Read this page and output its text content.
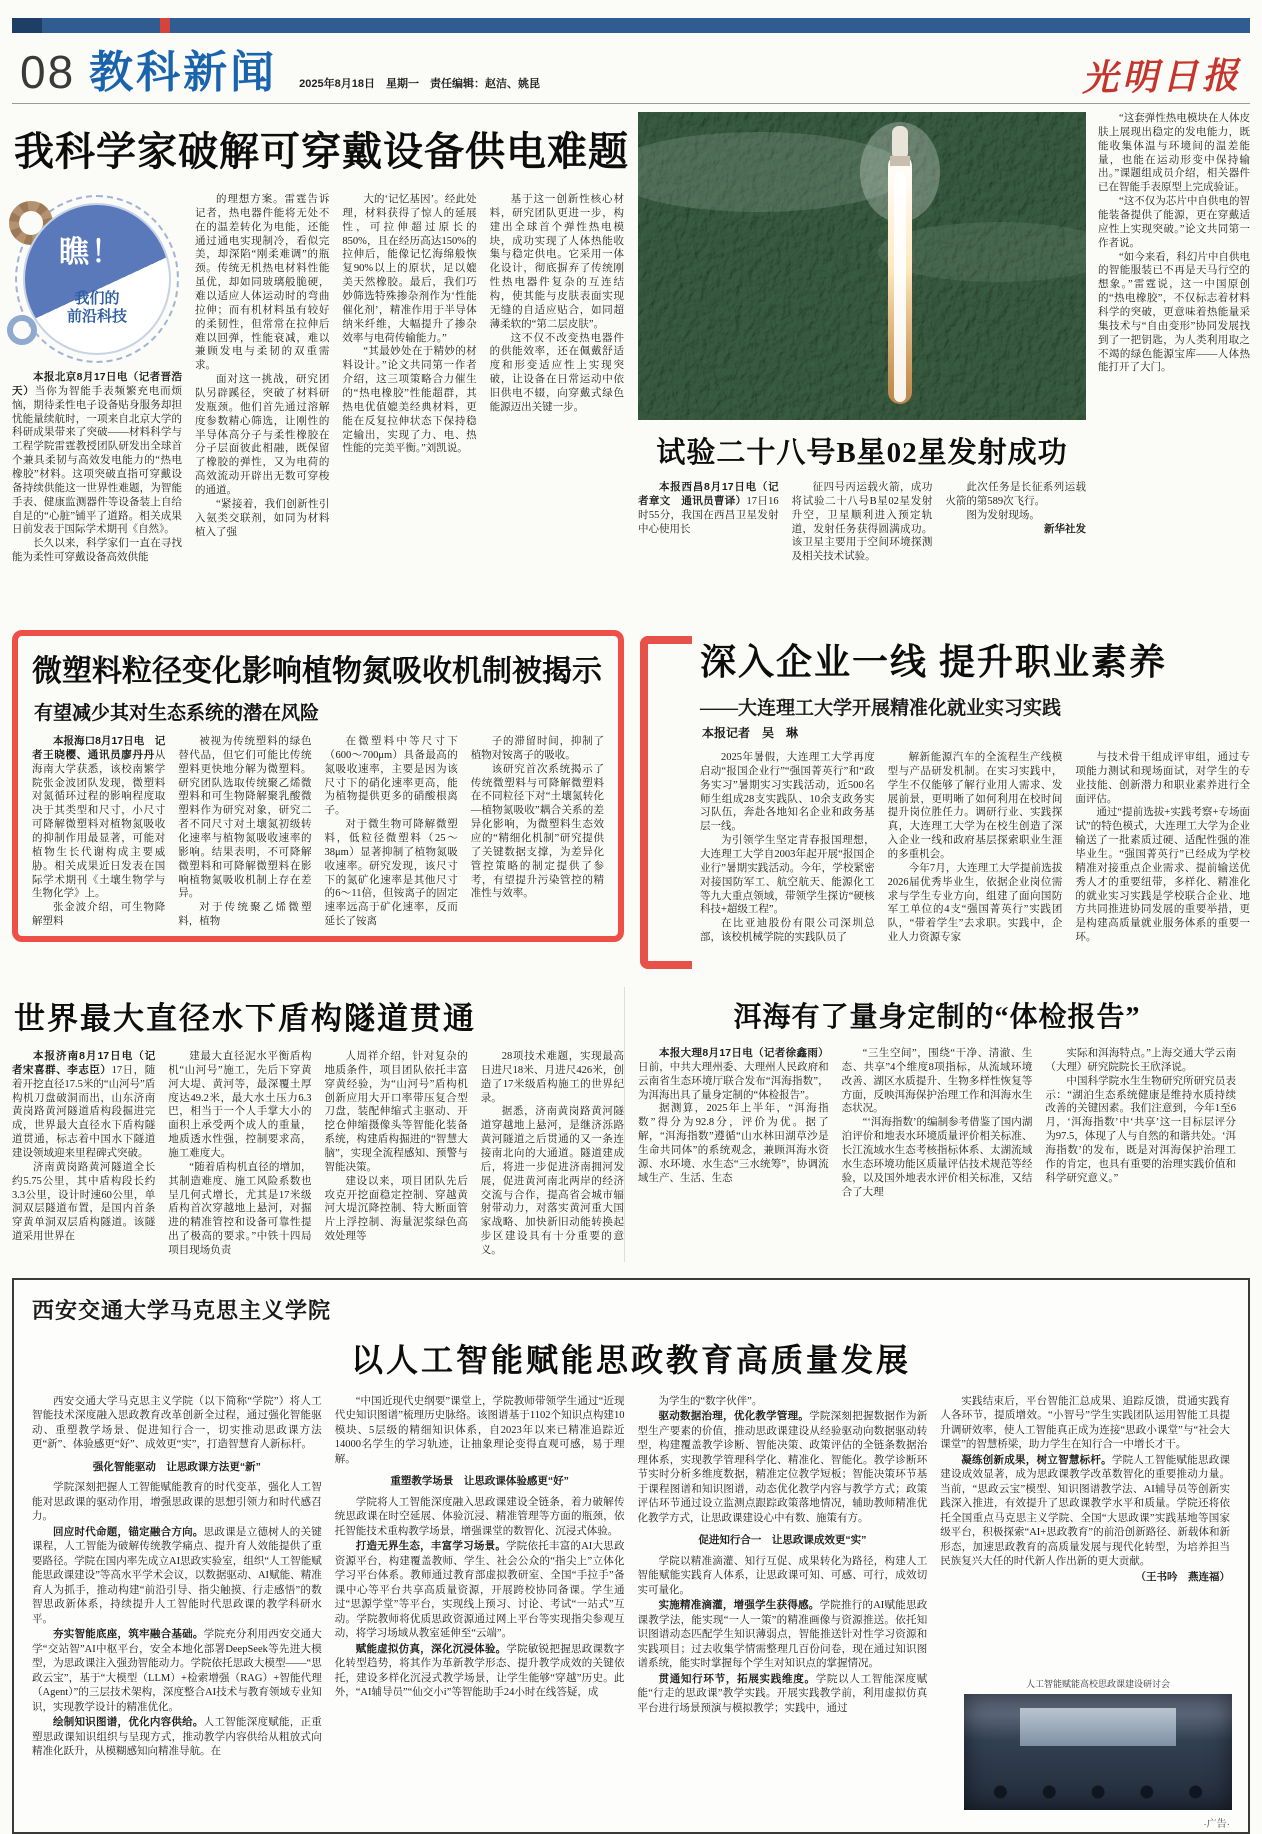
08 教科新闻 2025年8月18日　星期一　责任编辑：赵洁、姚昆	光明日报
我科学家破解可穿戴设备供电难题
瞧！
我们的
前沿科技

本报北京8月17日电（记者晋浩天）当你为智能手表频繁充电而烦恼，期待柔性电子设备贴身服务却担忧能量续航时，一项来自北京大学的科研成果带来了突破——材料科学与工程学院雷霆教授团队研发出全球首个兼具柔韧与高效发电能力的“热电橡胶”材料。这项突破直指可穿戴设备持续供能这一世界性难题，为智能手表、健康监测器件等设备装上自给自足的“心脏”铺平了道路。相关成果日前发表于国际学术期刊《自然》。

长久以来，科学家们一直在寻找能为柔性可穿戴设备高效供能

的理想方案。雷霆告诉记者，热电器件能将无处不在的温差转化为电能，还能通过通电实现制冷，看似完美，却深陷“刚柔难调”的瓶颈。传统无机热电材料性能虽优，却如同玻璃般脆硬，难以适应人体运动时的弯曲拉伸；而有机材料虽有较好的柔韧性，但常常在拉伸后难以回弹，性能衰减，难以兼顾发电与柔韧的双重需求。

面对这一挑战，研究团队另辟蹊径，突破了材料研发瓶颈。他们首先通过溶解度参数精心筛选，让刚性的半导体高分子与柔性橡胶在分子层面彼此相融，既保留了橡胶的弹性，又为电荷的高效流动开辟出无数可穿梭的通道。

“紧接着，我们创新性引入氨类交联剂，如同为材料植入了强

大的‘记忆基因’。经此处理，材料获得了惊人的延展性，可拉伸超过原长的850%，且在经历高达150%的拉伸后，能像记忆海绵般恢复90%以上的原状，足以媲美天然橡胶。最后，我们巧妙筛选特殊掺杂剂作为‘性能催化剂’，精准作用于半导体纳米纤维，大幅提升了掺杂效率与电荷传输能力。”

“其最妙处在于精妙的材料设计。”论文共同第一作者介绍，这三项策略合力催生的“热电橡胶”性能超群，其热电优值媲美经典材料，更能在反复拉伸状态下保持稳定输出，实现了力、电、热性能的完美平衡。”刘凯说。

基于这一创新性核心材料，研究团队更进一步，构建出全球首个弹性热电模块，成功实现了人体热能收集与稳定供电。它采用一体化设计，彻底摒弃了传统刚性热电器件复杂的互连结构，使其能与皮肤表面实现无缝的自适应贴合，如同超薄柔软的“第二层皮肤”。

这不仅不改变热电器件的供能效率，还在佩戴舒适度和形变适应性上实现突破，让设备在日常运动中依旧供电不辍，向穿戴式绿色能源迈出关键一步。

试验二十八号B星02星发射成功

本报西昌8月17日电（记者章文　通讯员曹译）17日16时55分，我国在西昌卫星发射中心使用长

征四号丙运载火箭，成功将试验二十八号B星02星发射升空，卫星顺利进入预定轨道，发射任务获得圆满成功。该卫星主要用于空间环境探测及相关技术试验。

此次任务是长征系列运载火箭的第589次飞行。

图为发射现场。

新华社发

“这套弹性热电模块在人体皮肤上展现出稳定的发电能力，既能收集体温与环境间的温差能量，也能在运动形变中保持输出。”课题组成员介绍，相关器件已在智能手表原型上完成验证。

“这不仅为芯片中自供电的智能装备提供了能源，更在穿戴适应性上实现突破。”论文共同第一作者说。

“如今来看，科幻片中自供电的智能服装已不再是天马行空的想象。”雷霆说，这一中国原创的“热电橡胶”，不仅标志着材料科学的突破，更意味着热能量采集技术与“自由变形”协同发展找到了一把钥匙，为人类利用取之不竭的绿色能源宝库——人体热能打开了大门。

微塑料粒径变化影响植物氮吸收机制被揭示
有望减少其对生态系统的潜在风险

本报海口8月17日电　记者王晓樱、通讯员廖丹丹从海南大学获悉，该校南繁学院张金波团队发现，微塑料对氮循环过程的影响程度取决于其类型和尺寸，小尺寸可降解微塑料对植物氮吸收的抑制作用最显著，可能对植物生长代谢构成主要威胁。相关成果近日发表在国际学术期刊《土壤生物学与生物化学》上。

张金波介绍，可生物降解塑料

被视为传统塑料的绿色替代品，但它们可能比传统塑料更快地分解为微塑料。研究团队选取传统聚乙烯微塑料和可生物降解聚乳酸微塑料作为研究对象，研究二者不同尺寸对土壤氮初级转化速率与植物氮吸收速率的影响。结果表明，不可降解微塑料和可降解微塑料在影响植物氮吸收机制上存在差异。

对于传统聚乙烯微塑料，植物

在微塑料中等尺寸下（600～700μm）具备最高的氮吸收速率，主要是因为该尺寸下的硝化速率更高，能为植物提供更多的硝酸根离子。

对于微生物可降解微塑料，低粒径微塑料（25～38μm）显著抑制了植物氮吸收速率。研究发现，该尺寸下的氮矿化速率是其他尺寸的6～11倍，但铵离子的固定速率远高于矿化速率，反而延长了铵离

子的滞留时间，抑制了植物对铵离子的吸收。

该研究首次系统揭示了传统微塑料与可降解微塑料在不同粒径下对“土壤氮转化—植物氮吸收”耦合关系的差异化影响，为微塑料生态效应的“精细化机制”研究提供了关键数据支撑，为差异化管控策略的制定提供了参考，有望提升污染管控的精准性与效率。

深入企业一线 提升职业素养
——大连理工大学开展精准化就业实习实践
本报记者　吴　琳

2025年暑假，大连理工大学再度启动“报国企业行”“强国菁英行”和“政务实习”暑期实习实践活动，近500名师生组成28支实践队、10余支政务实习队伍，奔赴各地知名企业和政务基层一线。

为引领学生坚定青春报国理想，大连理工大学自2003年起开展“报国企业行”暑期实践活动。今年，学校紧密对接国防军工、航空航天、能源化工等九大重点领域，带领学生探访“硬核科技+超级工程”。

在比亚迪股份有限公司深圳总部，该校机械学院的实践队员了

解新能源汽车的全流程生产线模型与产品研发机制。在实习实践中，学生不仅能够了解行业用人需求、发展前景，更明晰了如何利用在校时间提升岗位胜任力。调研行业、实践探真，大连理工大学为在校生创造了深入企业一线和政府基层探索职业生涯的多重机会。

今年7月，大连理工大学提前选拔2026届优秀毕业生，依据企业岗位需求与学生专业方向，组建了面向国防军工单位的4支“强国菁英行”实践团队，“带着学生”去求职。实践中，企业人力资源专家

与技术骨干组成评审组，通过专项能力测试和现场面试，对学生的专业技能、创新潜力和职业素养进行全面评估。

通过“提前选拔+实践考察+专场面试”的特色模式，大连理工大学为企业输送了一批素质过硬、适配性强的准毕业生。“强国菁英行”已经成为学校精准对接重点企业需求、提前输送优秀人才的重要纽带，多样化、精准化的就业实习实践是学校联合企业、地方共同推进协同发展的重要举措，更是构建高质量就业服务体系的重要一环。

世界最大直径水下盾构隧道贯通

本报济南8月17日电（记者宋喜群、李志臣）17日，随着开挖直径17.5米的“山河号”盾构机刀盘破洞而出，山东济南黄岗路黄河隧道盾构段掘进完成，世界最大直径水下盾构隧道贯通，标志着中国水下隧道建设领域迎来里程碑式突破。

济南黄岗路黄河隧道全长约5.75公里，其中盾构段长约3.3公里，设计时速60公里，单洞双层隧道布置，是国内首条穿黄单洞双层盾构隧道。该隧道采用世界在

建最大直径泥水平衡盾构机“山河号”施工，先后下穿黄河大堤、黄河等，最深覆土厚度达49.2米，最大水土压力6.3巴，相当于一个人手掌大小的面积上承受两个成人的重量，地质透水性强，控制要求高，施工难度大。

“随着盾构机直径的增加，其制造难度、施工风险系数也呈几何式增长，尤其是17米级盾构首次穿越地上悬河，对掘进的精准管控和设备可靠性提出了极高的要求。”中铁十四局项目现场负责

人周祥介绍，针对复杂的地质条件，项目团队依托丰富穿黄经验，为“山河号”盾构机创新应用大开口率带压复合型刀盘，装配伸缩式主驱动、开挖仓伸缩摄像头等智能化装备系统，构建盾构掘进的“智慧大脑”，实现全流程感知、预警与智能决策。

建设以来，项目团队先后攻克开挖面稳定控制、穿越黄河大堤沉降控制、特大断面管片上浮控制、海量泥浆绿色高效处理等

28项技术难题，实现最高日进尺18米、月进尺426米，创造了17米级盾构施工的世界纪录。

据悉，济南黄岗路黄河隧道穿越地上悬河，是继济泺路黄河隧道之后贯通的又一条连接南北向的大通道。隧道建成后，将进一步促进济南拥河发展，促进黄河南北两岸的经济交流与合作，提高省会城市辐射带动力，对落实黄河重大国家战略、加快新旧动能转换起步区建设具有十分重要的意义。

洱海有了量身定制的“体检报告”

本报大理8月17日电（记者徐鑫雨）日前，中共大理州委、大理州人民政府和云南省生态环境厅联合发布“洱海指数”，为洱海出具了量身定制的“体检报告”。

据测算，2025年上半年，“洱海指数”得分为92.8分，评价为优。据了解，“洱海指数”遵循“山水林田湖草沙是生命共同体”的系统观念，兼顾洱海水资源、水环境、水生态“三水统筹”，协调流域生产、生活、生态

“三生空间”，围绕“干净、清澈、生态、共享”4个维度8项指标，从流域环境改善、湖区水质提升、生物多样性恢复等方面，反映洱海保护治理工作和洱海水生态状况。

“‘洱海指数’的编制参考借鉴了国内湖泊评价和地表水环境质量评价相关标准、长江流域水生态考核指标体系、太湖流域水生态环境功能区质量评估技术规范等经验，以及国外地表水评价相关标准，又结合了大理

实际和洱海特点。”上海交通大学云南（大理）研究院院长王欣泽说。

中国科学院水生生物研究所研究员表示：“湖泊生态系统健康是维持水质持续改善的关键因素。我们注意到，今年1至6月，‘洱海指数’中‘共享’这一目标层评分为97.5，体现了人与自然的和谐共处。‘洱海指数’的发布，既是对洱海保护治理工作的肯定，也具有重要的治理实践价值和科学研究意义。”

西安交通大学马克思主义学院
以人工智能赋能思政教育高质量发展

西安交通大学马克思主义学院（以下简称“学院”）将人工智能技术深度融入思政教育改革创新全过程，通过强化智能驱动、重塑教学场景、促进知行合一，切实推动思政课方法更“新”、体验感更“好”、成效更“实”，打造智慧育人新标杆。

强化智能驱动　让思政课方法更“新”

学院深刻把握人工智能赋能教育的时代变革，强化人工智能对思政课的驱动作用，增强思政课的思想引领力和时代感召力。

回应时代命题，锚定融合方向。思政课是立德树人的关键课程，人工智能为破解传统教学痛点、提升育人效能提供了重要路径。学院在国内率先成立AI思政实验室，组织“人工智能赋能思政课建设”等高水平学术会议，以数据驱动、AI赋能、精准育人为抓手，推动构建“前沿引导、指尖触摸、行走感悟”的数智思政新体系，持续提升人工智能时代思政课的教学科研水平。

夯实智能底座，筑牢融合基础。学院充分利用西安交通大学“交站智”AI中枢平台，安全本地化部署DeepSeek等先进大模型，为思政课注入强劲智能动力。学院依托思政大模型——“思政云宝”，基于“大模型（LLM）+检索增强（RAG）+智能代理（Agent）”的三层技术架构，深度整合AI技术与教育领域专业知识，实现教学设计的精准优化。

绘制知识图谱，优化内容供给。人工智能深度赋能，正重塑思政课知识组织与呈现方式，推动教学内容供给从粗放式向精准化跃升，从模糊感知向精准导航。在

“中国近现代史纲要”课堂上，学院教师带领学生通过“近现代史知识图谱”梳理历史脉络。该图谱基于1102个知识点构建10模块、5层级的精细知识体系，自2023年以来已精准追踪近14000名学生的学习轨迹，让抽象理论变得直观可感，易于理解。

重塑教学场景　让思政课体验感更“好”

学院将人工智能深度融入思政课建设全链条，着力破解传统思政课在时空延展、体验沉浸、精准管理等方面的瓶颈，依托智能技术重构教学场景，增强课堂的数智化、沉浸式体验。

打造无界生态，丰富学习场景。学院依托丰富的AI大思政资源平台，构建覆盖教师、学生、社会公众的“指尖上”立体化学习平台体系。教师通过教育部虚拟教研室、全国“手拉手”备课中心等平台共享高质量资源，开展跨校协同备课。学生通过“思源学堂”等平台，实现线上预习、讨论、考试“一站式”互动。学院教师将优质思政资源通过网上平台等实现指尖参观互动，将学习场域从教室延伸至“云端”。

赋能虚拟仿真，深化沉浸体验。学院敏锐把握思政课数字化转型趋势，将其作为革新教学形态、提升教学成效的关键依托，建设多样化沉浸式教学场景，让学生能够“穿越”历史。此外，“AI辅导员”“仙交小i”等智能助手24小时在线答疑，成

为学生的“数字伙伴”。

驱动数据治理，优化教学管理。学院深刻把握数据作为新型生产要素的价值，推动思政课建设从经验驱动向数据驱动转型，构建覆盖教学诊断、智能决策、政策评估的全链条数据治理体系，实现教学管理科学化、精准化、智能化。教学诊断环节实时分析多维度数据，精准定位教学短板；智能决策环节基于课程图谱和知识图谱，动态优化教学内容与教学方式；政策评估环节通过设立监测点跟踪政策落地情况，辅助教师精准优化教学方式，让思政课建设心中有数、施策有方。

促进知行合一　让思政课成效更“实”

学院以精准滴灌、知行互促、成果转化为路径，构建人工智能赋能实践育人体系，让思政课可知、可感、可行，成效切实可量化。

实施精准滴灌，增强学生获得感。学院推行的AI赋能思政课教学法，能实现“一人一策”的精准画像与资源推送。依托知识图谱动态匹配学生知识薄弱点，智能推送针对性学习资源和实践项目；过去收集学情需整理几百份问卷，现在通过知识图谱系统，能实时掌握每个学生对知识点的掌握情况。

贯通知行环节，拓展实践维度。学院以人工智能深度赋能“行走的思政课”教学实践。开展实践教学前，利用虚拟仿真平台进行场景预演与模拟教学；实践中，通过

实践结束后，平台智能汇总成果、追踪反馈，贯通实践育人各环节，提质增效。“小智号”学生实践团队运用智能工具提升调研效率，使人工智能真正成为连接“思政小课堂”与“社会大课堂”的智慧桥梁，助力学生在知行合一中增长才干。

凝练创新成果，树立智慧标杆。学院人工智能赋能思政课建设成效显著，成为思政课教学改革数智化的重要推动力量。当前，“思政云宝”模型、知识图谱教学法、AI辅导员等创新实践深入推进，有效提升了思政课教学水平和质量。学院还将依托全国重点马克思主义学院、全国“大思政课”实践基地等国家级平台，积极探索“AI+思政教育”的前沿创新路径、新载体和新形态，加速思政教育的高质量发展与现代化转型，为培养担当民族复兴大任的时代新人作出新的更大贡献。

（王书吟　燕连福）
人工智能赋能高校思政课建设研讨会
·广告·
